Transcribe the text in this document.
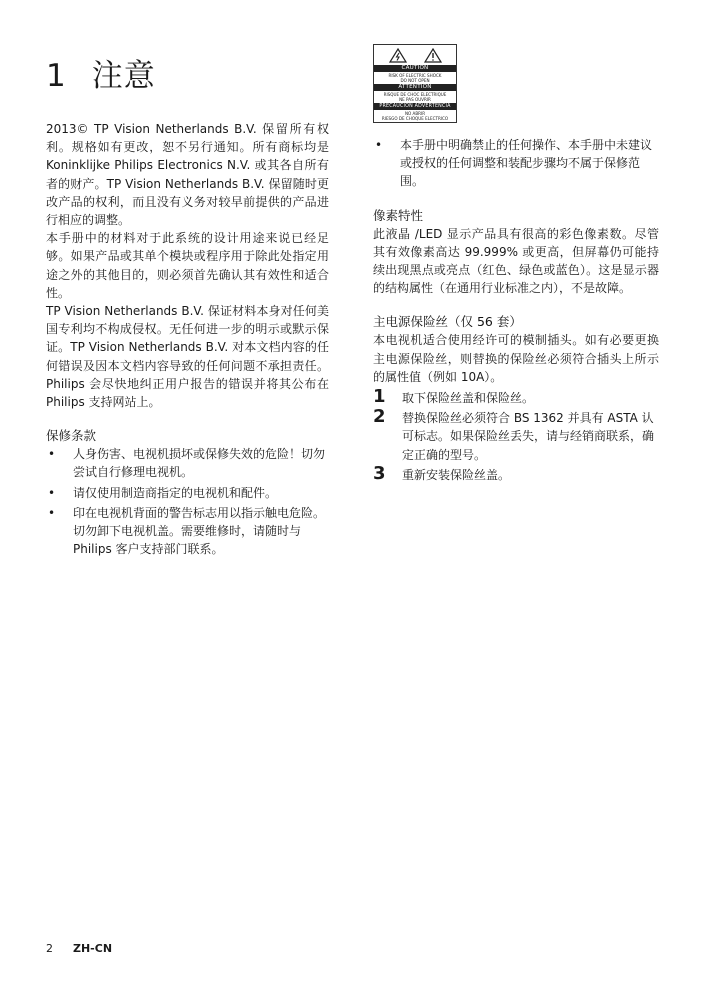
1 注意

2013© TP Vision Netherlands B.V. 保留所有权利。规格如有更改，恕不另行通知。所有商标均是 Koninklijke Philips Electronics N.V. 或其各自所有者的财产。TP Vision Netherlands B.V. 保留随时更改产品的权利，而且没有义务对较早前提供的产品进行相应的调整。

本手册中的材料对于此系统的设计用途来说已经足够。如果产品或其单个模块或程序用于除此处指定用途之外的其他目的，则必须首先确认其有效性和适合性。

TP Vision Netherlands B.V. 保证材料本身对任何美国专利均不构成侵权。无任何进一步的明示或默示保证。TP Vision Netherlands B.V. 对本文档内容的任何错误及因本文档内容导致的任何问题不承担责任。Philips 会尽快地纠正用户报告的错误并将其公布在 Philips 支持网站上。

保修条款
• 人身伤害、电视机损坏或保修失效的危险！切勿尝试自行修理电视机。
• 请仅使用制造商指定的电视机和配件。
• 印在电视机背面的警告标志用以指示触电危险。切勿卸下电视机盖。需要维修时，请随时与 Philips 客户支持部门联系。
CAUTION
RISK OF ELECTRIC SHOCK
DO NOT OPEN
ATTENTION
RISQUE DE CHOC ELECTRIQUE
NE PAS OUVRIR
PRECAUCION ADVERTENCIA
NO ABRIR
RIESGO DE CHOQUE ELECTRICO
• 本手册中明确禁止的任何操作、本手册中未建议或授权的任何调整和装配步骤均不属于保修范围。
像素特性

此液晶 /LED 显示产品具有很高的彩色像素数。尽管其有效像素高达 99.999% 或更高，但屏幕仍可能持续出现黑点或亮点（红色、绿色或蓝色）。这是显示器的结构属性（在通用行业标准之内），不是故障。

主电源保险丝（仅 56 套）

本电视机适合使用经许可的模制插头。如有必要更换主电源保险丝，则替换的保险丝必须符合插头上所示的属性值（例如 10A）。

1 取下保险丝盖和保险丝。
2 替换保险丝必须符合 BS 1362 并具有 ASTA 认可标志。如果保险丝丢失，请与经销商联系，确定正确的型号。
3 重新安装保险丝盖。
2 ZH-CN
